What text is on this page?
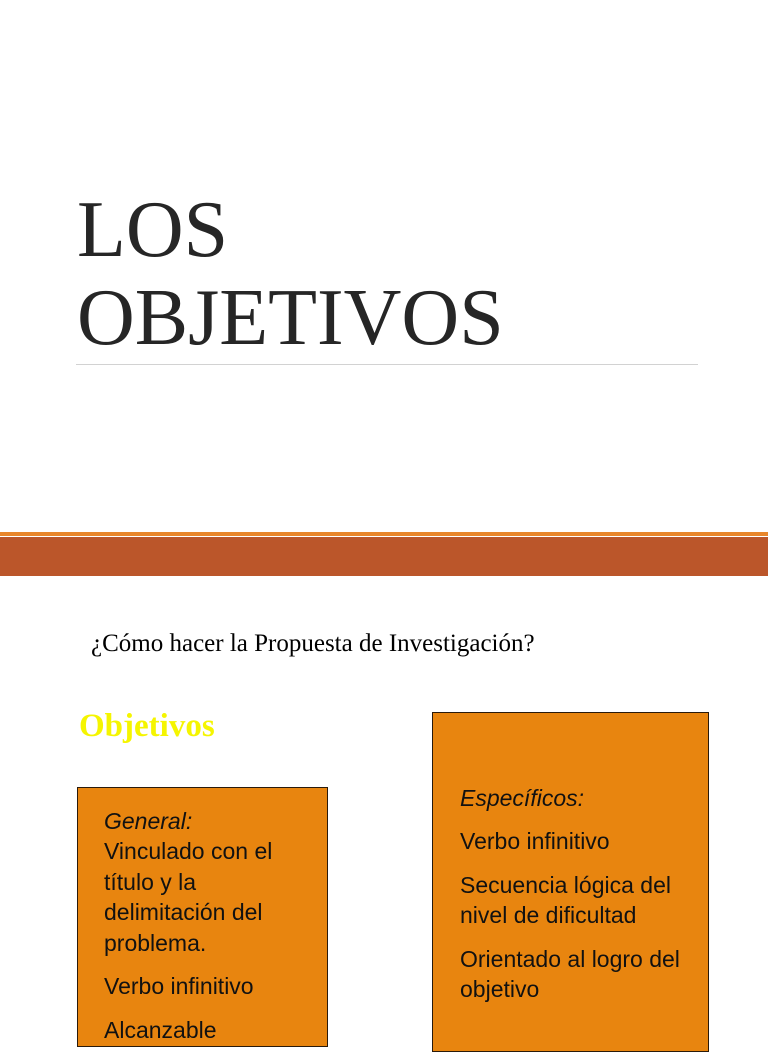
LOS
OBJETIVOS

¿Cómo hacer la Propuesta de Investigación?

Objetivos

General:
Vinculado con el título y la delimitación del problema.
Verbo infinitivo
Alcanzable
Específicos:
Verbo infinitivo
Secuencia lógica del nivel de dificultad
Orientado al logro del objetivo
